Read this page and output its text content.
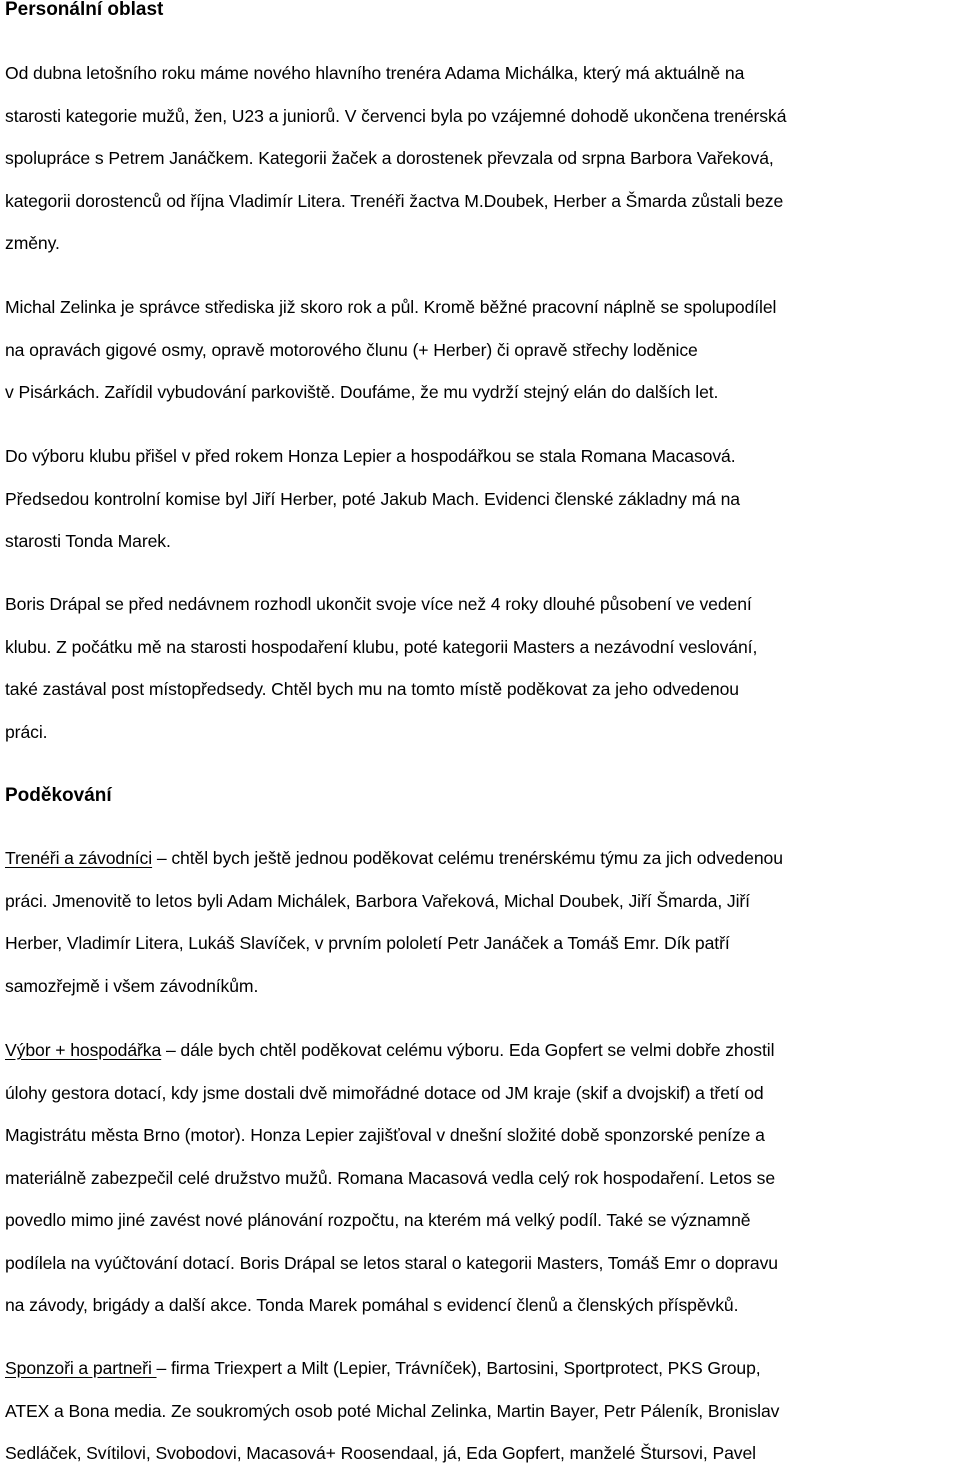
Personální oblast
Od dubna letošního roku máme nového hlavního trenéra Adama Michálka, který má aktuálně na
starosti kategorie mužů, žen, U23 a juniorů. V červenci byla po vzájemné dohodě ukončena trenérská
spolupráce s Petrem Janáčkem. Kategorii žaček a dorostenek převzala od srpna Barbora Vařeková,
kategorii dorostenců od října Vladimír Litera. Trenéři žactva M.Doubek, Herber a Šmarda zůstali beze
změny.
Michal Zelinka je správce střediska již skoro rok a půl. Kromě běžné pracovní náplně se spolupodílel
na opravách gigové osmy, opravě motorového člunu (+ Herber) či opravě střechy loděnice
v Pisárkách. Zařídil vybudování parkoviště. Doufáme, že mu vydrží stejný elán do dalších let.
Do výboru klubu přišel v před rokem Honza Lepier a hospodářkou se stala Romana Macasová.
Předsedou kontrolní komise byl Jiří Herber, poté Jakub Mach. Evidenci členské základny má na
starosti Tonda Marek.
Boris Drápal se před nedávnem rozhodl ukončit svoje více než 4 roky dlouhé působení ve vedení
klubu. Z počátku mě na starosti hospodaření klubu, poté kategorii Masters a nezávodní veslování,
také zastával post místopředsedy. Chtěl bych mu na tomto místě poděkovat za jeho odvedenou
práci.
Poděkování
Trenéři a závodníci – chtěl bych ještě jednou poděkovat celému trenérskému týmu za jich odvedenou
práci. Jmenovitě to letos byli Adam Michálek, Barbora Vařeková, Michal Doubek, Jiří Šmarda, Jiří
Herber, Vladimír Litera, Lukáš Slavíček, v prvním pololetí Petr Janáček a Tomáš Emr. Dík patří
samozřejmě i všem závodníkům.
Výbor + hospodářka – dále bych chtěl poděkovat celému výboru. Eda Gopfert se velmi dobře zhostil
úlohy gestora dotací, kdy jsme dostali dvě mimořádné dotace od JM kraje (skif a dvojskif) a třetí od
Magistrátu města Brno (motor). Honza Lepier zajišťoval v dnešní složité době sponzorské peníze a
materiálně zabezpečil celé družstvo mužů. Romana Macasová vedla celý rok hospodaření. Letos se
povedlo mimo jiné zavést nové plánování rozpočtu, na kterém má velký podíl. Také se významně
podílela na vyúčtování dotací. Boris Drápal se letos staral o kategorii Masters, Tomáš Emr o dopravu
na závody, brigády a další akce. Tonda Marek pomáhal s evidencí členů a členských příspěvků.
Sponzoři a partneři – firma Triexpert a Milt (Lepier, Trávníček), Bartosini, Sportprotect, PKS Group,
ATEX a Bona media. Ze soukromých osob poté Michal Zelinka, Martin Bayer, Petr Páleník, Bronislav
Sedláček, Svítilovi, Svobodovi, Macasová+ Roosendaal, já, Eda Gopfert, manželé Štursovi, Pavel
